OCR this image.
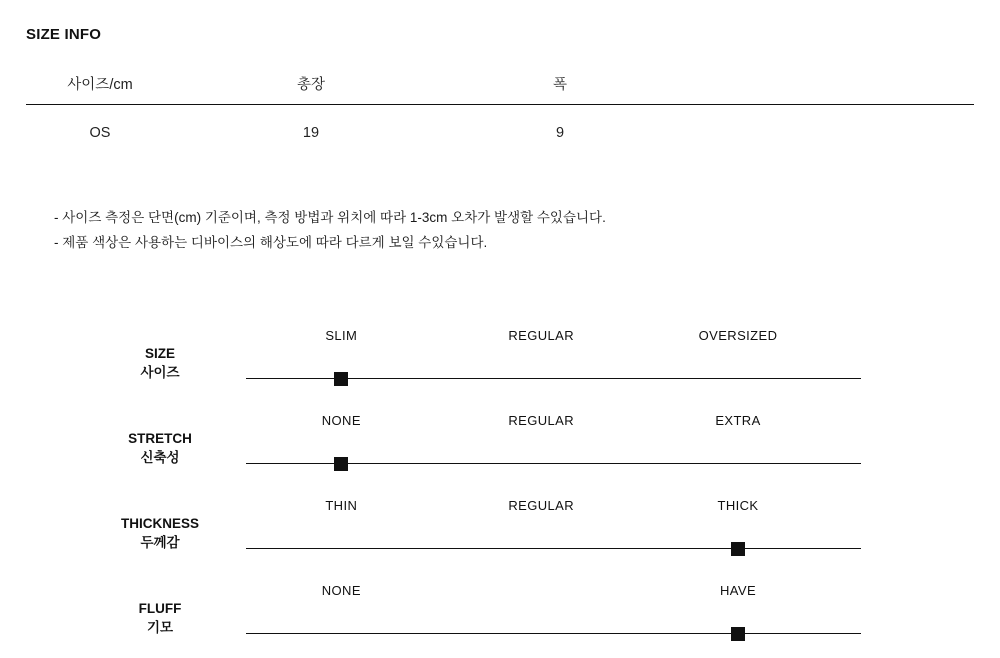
SIZE INFO
사이즈/cm	총장	폭	
OS	19	9	
- 사이즈 측정은 단면(cm) 기준이며, 측정 방법과 위치에 따라 1-3cm 오차가 발생할 수있습니다.
- 제품 색상은 사용하는 디바이스의 해상도에 따라 다르게 보일 수있습니다.
SIZE
사이즈
SLIM	REGULAR	OVERSIZED
STRETCH
신축성
NONE	REGULAR	EXTRA
THICKNESS
두께감
THIN	REGULAR	THICK
FLUFF
기모
NONE	HAVE
